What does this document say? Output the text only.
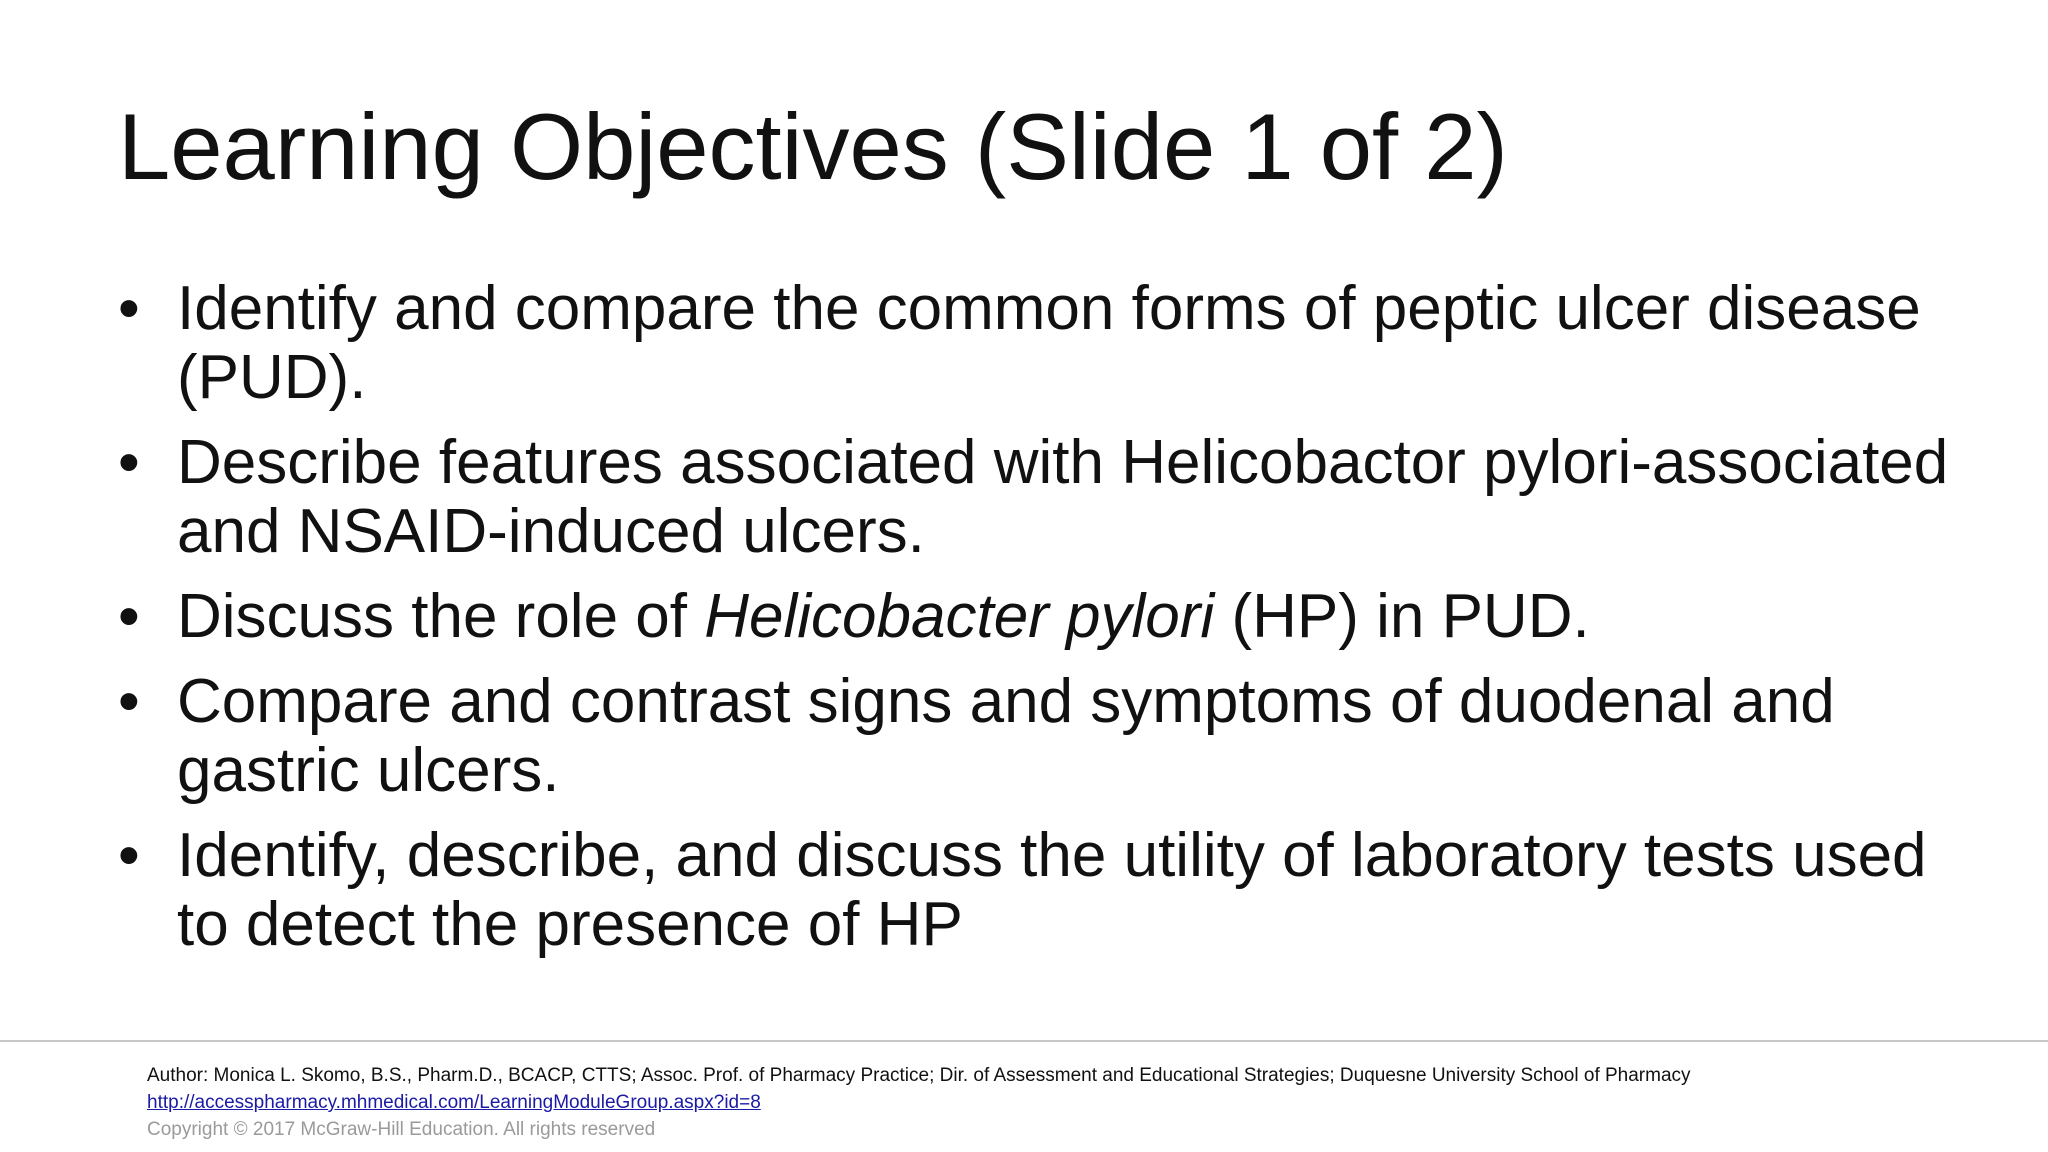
Learning Objectives (Slide 1 of 2)
• Identify and compare the common forms of peptic ulcer disease (PUD).
• Describe features associated with Helicobactor pylori-associated and NSAID-induced ulcers.
• Discuss the role of Helicobacter pylori (HP) in PUD.
• Compare and contrast signs and symptoms of duodenal and gastric ulcers.
• Identify, describe, and discuss the utility of laboratory tests used to detect the presence of HP
Author: Monica L. Skomo, B.S., Pharm.D., BCACP, CTTS; Assoc. Prof. of Pharmacy Practice; Dir. of Assessment and Educational Strategies; Duquesne University School of Pharmacy
http://accesspharmacy.mhmedical.com/LearningModuleGroup.aspx?id=8
Copyright © 2017 McGraw-Hill Education. All rights reserved
